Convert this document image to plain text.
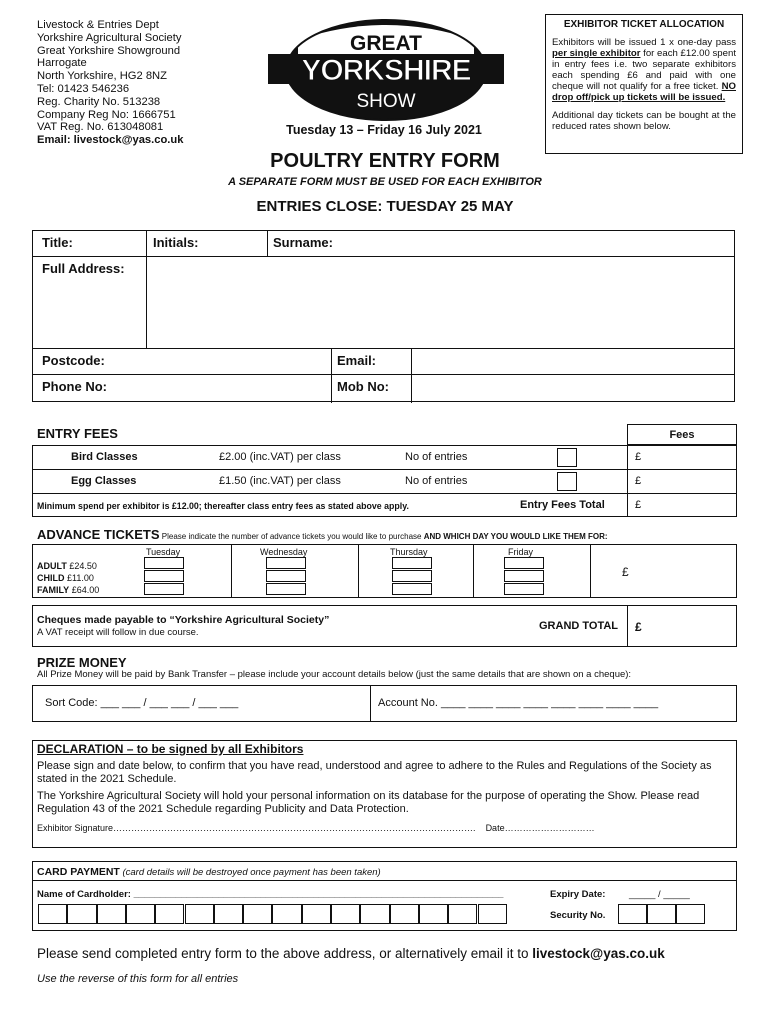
Livestock & Entries Dept
Yorkshire Agricultural Society
Great Yorkshire Showground
Harrogate
North Yorkshire, HG2 8NZ
Tel: 01423 546236
Reg. Charity No. 513238
Company Reg No: 1666751
VAT Reg. No. 613048081
Email: livestock@yas.co.uk
GREAT
YORKSHIRE
SHOW
Tuesday 13 – Friday 16 July 2021
EXHIBITOR TICKET ALLOCATION

Exhibitors will be issued 1 x one-day pass per single exhibitor for each £12.00 spent in entry fees i.e. two separate exhibitors each spending £6 and paid with one cheque will not qualify for a free ticket. NO drop off/pick up tickets will be issued.

Additional day tickets can be bought at the reduced rates shown below.

POULTRY ENTRY FORM
A SEPARATE FORM MUST BE USED FOR EACH EXHIBITOR
ENTRIES CLOSE: TUESDAY 25 MAY
Title:	Initials:	Surname:
Full Address:
Postcode:	Email:
Phone No:	Mob No:
ENTRY FEES	Fees
Bird Classes	£2.00 (inc.VAT) per class	No of entries	£
Egg Classes	£1.50 (inc.VAT) per class	No of entries	£
Minimum spend per exhibitor is £12.00; thereafter class entry fees as stated above apply.	Entry Fees Total	£
ADVANCE TICKETS Please indicate the number of advance tickets you would like to purchase AND WHICH DAY YOU WOULD LIKE THEM FOR:
Tuesday	Wednesday	Thursday	Friday
ADULT £24.50
CHILD £11.00
FAMILY £64.00
£
Cheques made payable to “Yorkshire Agricultural Society”
A VAT receipt will follow in due course.
GRAND TOTAL £
PRIZE MONEY
All Prize Money will be paid by Bank Transfer – please include your account details below (just the same details that are shown on a cheque):
Sort Code: ___ ___ / ___ ___ / ___ ___	Account No. ____ ____ ____ ____ ____ ____ ____ ____
DECLARATION – to be signed by all Exhibitors

Please sign and date below, to confirm that you have read, understood and agree to adhere to the Rules and Regulations of the Society as stated in the 2021 Schedule.

The Yorkshire Agricultural Society will hold your personal information on its database for the purpose of operating the Show. Please read Regulation 43 of the 2021 Schedule regarding Publicity and Data Protection.

Exhibitor Signature…………………………………………………………………………………………………………. Date…………………………
CARD PAYMENT (card details will be destroyed once payment has been taken)
Name of Cardholder: ______________________________________________________________________	Expiry Date: _____ / _____
Security No.
Please send completed entry form to the above address, or alternatively email it to livestock@yas.co.uk
Use the reverse of this form for all entries
